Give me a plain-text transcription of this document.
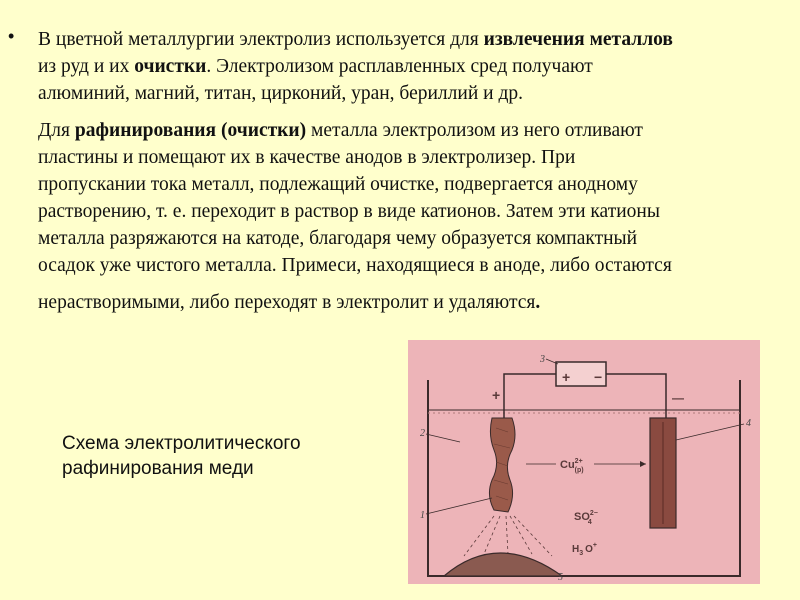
• В цветной металлургии электролиз используется для извлечения металлов
из руд и их очистки. Электролизом расплавленных сред получают
алюминий, магний, титан, цирконий, уран, бериллий и др.
Для рафинирования (очистки) металла электролизом из него отливают
пластины и помещают их в качестве анодов в электролизер. При
пропускании тока металл, подлежащий очистке, подвергается анодному
растворению, т. е. переходит в раствор в виде катионов. Затем эти катионы
металла разряжаются на катоде, благодаря чему образуется компактный
осадок уже чистого металла. Примеси, находящиеся в аноде, либо остаются
нерастворимыми, либо переходят в электролит и удаляются.
Схема электролитического
рафинирования меди
+ −
3
+	—
4
5
1
2
$Cu^{2+}$ (p)
$SO^{2-}$ 4
$H_3$ O+
